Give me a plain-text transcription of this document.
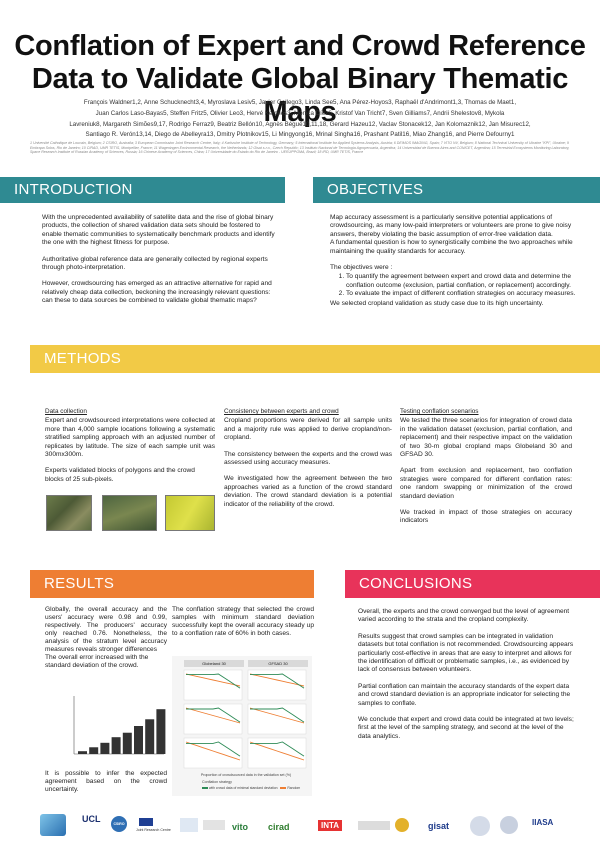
Conflation of Expert and Crowd Reference
Data to Validate Global Binary Thematic Maps
François Waldner1,2, Anne Schucknecht3,4, Myroslava Lesiv5, Javier Gallego3, Linda See5, Ana Pérez-Hoyos3, Raphaël d'Andrimont1,3, Thomas de Maet1,
Juan Carlos Laso-Bayas5, Steffen Fritz5, Olivier Leo3, Hervé Kerdiles3, Mónica Díez6, Kristof Van Tricht7, Sven Gilliams7, Andrii Shelestov8, Mykola
Lavreniuk8, Margareth Simões9,17, Rodrigo Ferraz9, Beatriz Bellón10, Agnès Bégué10,11,18, Gerard Hazeu12, Vaclav Stonacek12, Jan Kolomaznik12, Jan Misurec12,
Santiago R. Verón13,14, Diego de Abelleyra13, Dmitry Plotnikov15, Li Mingyong16, Mrinal Singha16, Prashant Patil16, Miao Zhang16, and Pierre Defourny1
1 Université Catholique de Louvain, Belgium; 2 CSIRO, Australia; 3 European Commission Joint Research Centre, Italy; 4 Karlsruhe Institute of Technology, Germany; 5 International Institute for Applied Systems Analysis, Austria; 6 DEIMOS IMAGING, Spain; 7 VITO NV, Belgium; 8 National Technical University of Ukraine "KPI", Ukraine; 9 Embrapa Solos, Rio de Janeiro; 10 CIRAD, UMR TETIS, Montpellier, France; 11 Wageningen Environmental Research, the Netherlands; 12 Gisat s.r.o., Czech Republic; 13 Instituto Nacional de Tecnología Agropecuaria, Argentina; 14 Universidad de Buenos Aires and CONICET, Argentina; 15 Terrestrial Ecosystems Monitoring Laboratory, Space Research Institute of Russian Academy of Sciences, Russia; 16 Chinese Academy of Sciences, China; 17 Universidade do Estado do Rio de Janeiro - UERJ/PPGMA, Brazil; 18 IRD, UMR TETIS, France
INTRODUCTION

With the unprecedented availability of satellite data and the rise of global binary products, the collection of shared validation data sets should be fostered to enable thematic communities to systematically benchmark products and identify the one with the highest fitness for purpose.

Authoritative global reference data are generally collected by regional experts through photo-interpretation.

However, crowdsourcing has emerged as an attractive alternative for rapid and relatively cheap data collection, beckoning the increasingly relevant questions: can these to data sources be combined to validate global thematic maps?

OBJECTIVES
Map accuracy assessment is a particularly sensitive potential applications of crowdsourcing, as many low-paid interpreters or volunteers are prone to give noisy answers, thereby violating the basic assumption of error-free validation data.

A fundamental question is how to synergistically combine the two approaches while maintaining the quality standards for accuracy.

The objectives were :
1. To quantify the agreement between expert and crowd data and determine the conflation outcome (exclusion, partial conflation, or replacement) accordingly.
2. To evaluate the impact of different conflation strategies on accuracy measures.
We selected cropland validation as study case due to its high uncertainty.
METHODS
Data collection

Expert and crowdsourced interpretations were collected at more than 4,000 sample locations following a systematic stratified sampling approach with an adjusted number of replicates by latitude. The size of each sample unit was 300mx300m.

Experts validated blocks of polygons and the crowd blocks of 25 sub-pixels.

Consistency between experts and crowd

Cropland proportions were derived for all sample units and a majority rule was applied to derive cropland/non-cropland.

The consistency between the experts and the crowd was assessed using accuracy measures.

We investigated how the agreement between the two approaches varied as a function of the crowd standard deviation. The crowd standard deviation is a potential indicator of the reliability of the crowd.

Testing conflation scenarios

We tested the three scenarios for integration of crowd data in the validation dataset (exclusion, partial conflation, and replacement) and their respective impact on the validation of two 30-m global cropland maps Globeland 30 and GFSAD 30.

Apart from exclusion and replacement, two conflation strategies were compared for different conflation rates: one random swapping or minimization of the crowd standard deviation

We tracked in impact of those strategies on accuracy indicators

RESULTS
Globally, the overall accuracy and the users' accuracy were 0.98 and 0.99, respectively. The producers' accuracy only reached 0.76. Nonetheless, the analysis of the stratum level accuracy measures reveals stronger differences

The overall error increased with the standard deviation of the crowd.

It is possible to infer the expected agreement based on the crowd uncertainty.
The conflation strategy that selected the crowd samples with minimum standard deviation successfully kept the overall accuracy steady up to a conflation rate of 60% in both cases.
Globeland 30	GFSAD 30
Proportion of crowdsourced data in the validation set (%)
Conflation strategy
with crowd data of minimal standard deviation	Random
CONCLUSIONS

Overall, the experts and the crowd converged but the level of agreement varied according to the strata and the cropland complexity.

Results suggest that crowd samples can be integrated in validation datasets but total conflation is not recommended. Crowdsourcing appears particularly cost-effective in areas that are easy to interpret and allows for the identification of difficult or problematic samples, i.e., as evidenced by lack of consensus between volunteers.

Partial conflation can maintain the accuracy standards of the expert data and crowd standard deviation is an appropriate indicator for selecting the samples to conflate.

We conclude that expert and crowd data could be integrated at two levels; first at the level of the sampling strategy, and second at the level of the data analytics.

UCL	CSIRO
Joint Research Centre	vito cirad	INTA	gisat	IIASA
